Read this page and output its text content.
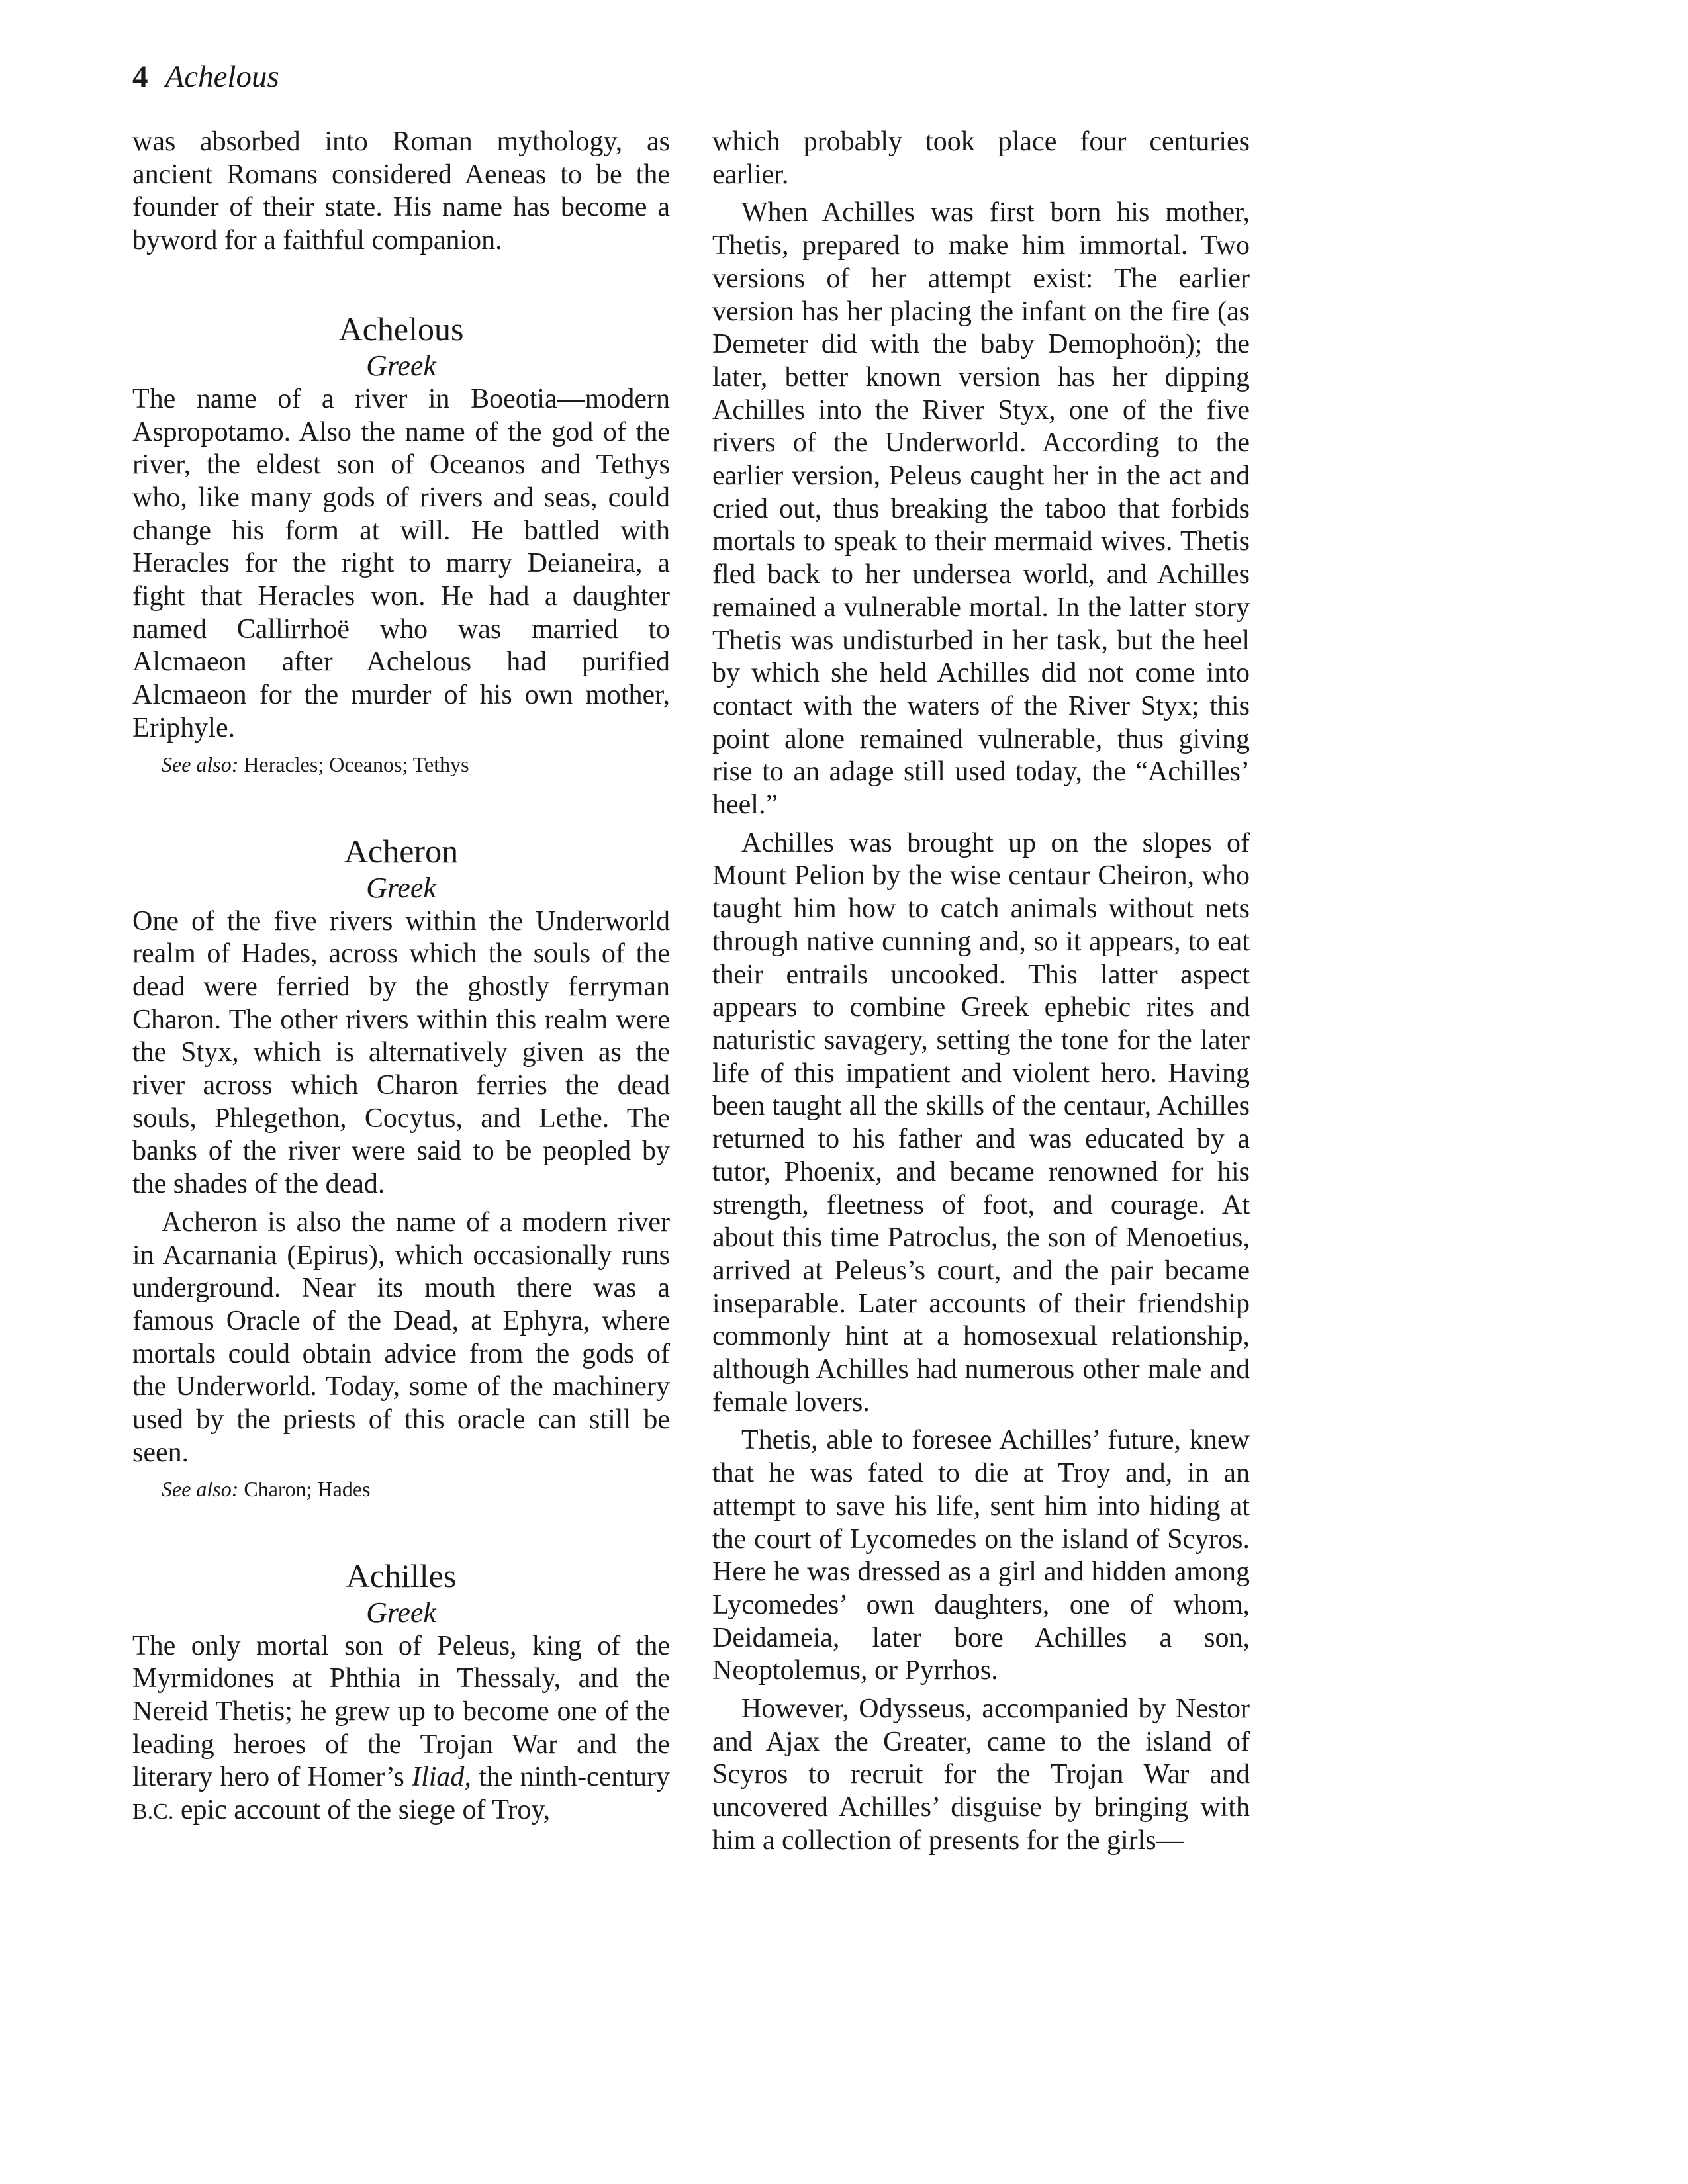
4 Achelous

was absorbed into Roman mythology, as ancient Romans considered Aeneas to be the founder of their state. His name has become a byword for a faithful companion.

Achelous
Greek

The name of a river in Boeotia—modern Aspropotamo. Also the name of the god of the river, the eldest son of Oceanos and Tethys who, like many gods of rivers and seas, could change his form at will. He battled with Heracles for the right to marry Deianeira, a fight that Heracles won. He had a daughter named Callirrhoë who was married to Alcmaeon after Achelous had purified Alcmaeon for the murder of his own mother, Eriphyle.

See also: Heracles; Oceanos; Tethys
Acheron
Greek

One of the five rivers within the Underworld realm of Hades, across which the souls of the dead were ferried by the ghostly ferryman Charon. The other rivers within this realm were the Styx, which is alternatively given as the river across which Charon ferries the dead souls, Phlegethon, Cocytus, and Lethe. The banks of the river were said to be peopled by the shades of the dead.

Acheron is also the name of a modern river in Acarnania (Epirus), which occasionally runs underground. Near its mouth there was a famous Oracle of the Dead, at Ephyra, where mortals could obtain advice from the gods of the Underworld. Today, some of the machinery used by the priests of this oracle can still be seen.

See also: Charon; Hades
Achilles
Greek

The only mortal son of Peleus, king of the Myrmidones at Phthia in Thessaly, and the Nereid Thetis; he grew up to become one of the leading heroes of the Trojan War and the literary hero of Homer’s Iliad, the ninth-century B.C. epic account of the siege of Troy,

which probably took place four centuries earlier.

When Achilles was first born his mother, Thetis, prepared to make him immortal. Two versions of her attempt exist: The earlier version has her placing the infant on the fire (as Demeter did with the baby Demophoön); the later, better known version has her dipping Achilles into the River Styx, one of the five rivers of the Underworld. According to the earlier version, Peleus caught her in the act and cried out, thus breaking the taboo that forbids mortals to speak to their mermaid wives. Thetis fled back to her undersea world, and Achilles remained a vulnerable mortal. In the latter story Thetis was undisturbed in her task, but the heel by which she held Achilles did not come into contact with the waters of the River Styx; this point alone remained vulnerable, thus giving rise to an adage still used today, the “Achilles’ heel.”

Achilles was brought up on the slopes of Mount Pelion by the wise centaur Cheiron, who taught him how to catch animals without nets through native cunning and, so it appears, to eat their entrails uncooked. This latter aspect appears to combine Greek ephebic rites and naturistic savagery, setting the tone for the later life of this impatient and violent hero. Having been taught all the skills of the centaur, Achilles returned to his father and was educated by a tutor, Phoenix, and became renowned for his strength, fleetness of foot, and courage. At about this time Patroclus, the son of Menoetius, arrived at Peleus’s court, and the pair became inseparable. Later accounts of their friendship commonly hint at a homosexual relationship, although Achilles had numerous other male and female lovers.

Thetis, able to foresee Achilles’ future, knew that he was fated to die at Troy and, in an attempt to save his life, sent him into hiding at the court of Lycomedes on the island of Scyros. Here he was dressed as a girl and hidden among Lycomedes’ own daughters, one of whom, Deidameia, later bore Achilles a son, Neoptolemus, or Pyrrhos.

However, Odysseus, accompanied by Nestor and Ajax the Greater, came to the island of Scyros to recruit for the Trojan War and uncovered Achilles’ disguise by bringing with him a collection of presents for the girls—
